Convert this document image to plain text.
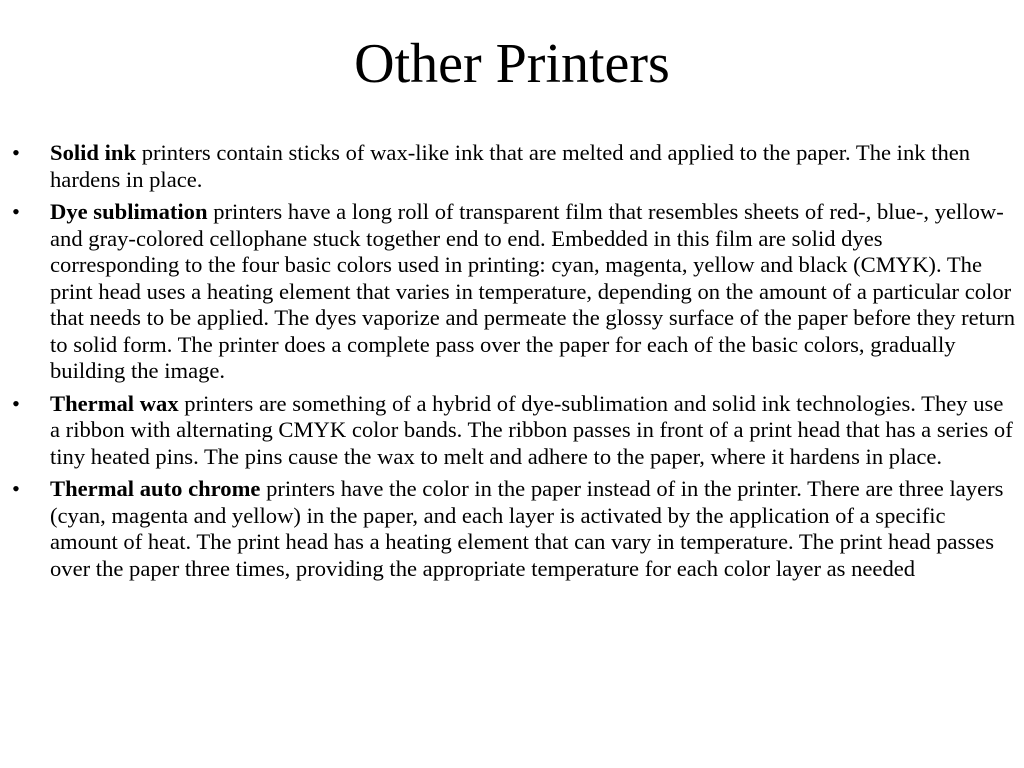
Other Printers
•	Solid ink printers contain sticks of wax-like ink that are melted and applied to the paper. The ink then hardens in place.
•	Dye sublimation printers have a long roll of transparent film that resembles sheets of red-, blue-, yellow- and gray-colored cellophane stuck together end to end. Embedded in this film are solid dyes corresponding to the four basic colors used in printing: cyan, magenta, yellow and black (CMYK). The print head uses a heating element that varies in temperature, depending on the amount of a particular color that needs to be applied. The dyes vaporize and permeate the glossy surface of the paper before they return to solid form. The printer does a complete pass over the paper for each of the basic colors, gradually building the image.
•	Thermal wax printers are something of a hybrid of dye-sublimation and solid ink technologies. They use a ribbon with alternating CMYK color bands. The ribbon passes in front of a print head that has a series of tiny heated pins. The pins cause the wax to melt and adhere to the paper, where it hardens in place.
•	Thermal auto chrome printers have the color in the paper instead of in the printer. There are three layers (cyan, magenta and yellow) in the paper, and each layer is activated by the application of a specific amount of heat. The print head has a heating element that can vary in temperature. The print head passes over the paper three times, providing the appropriate temperature for each color layer as needed
